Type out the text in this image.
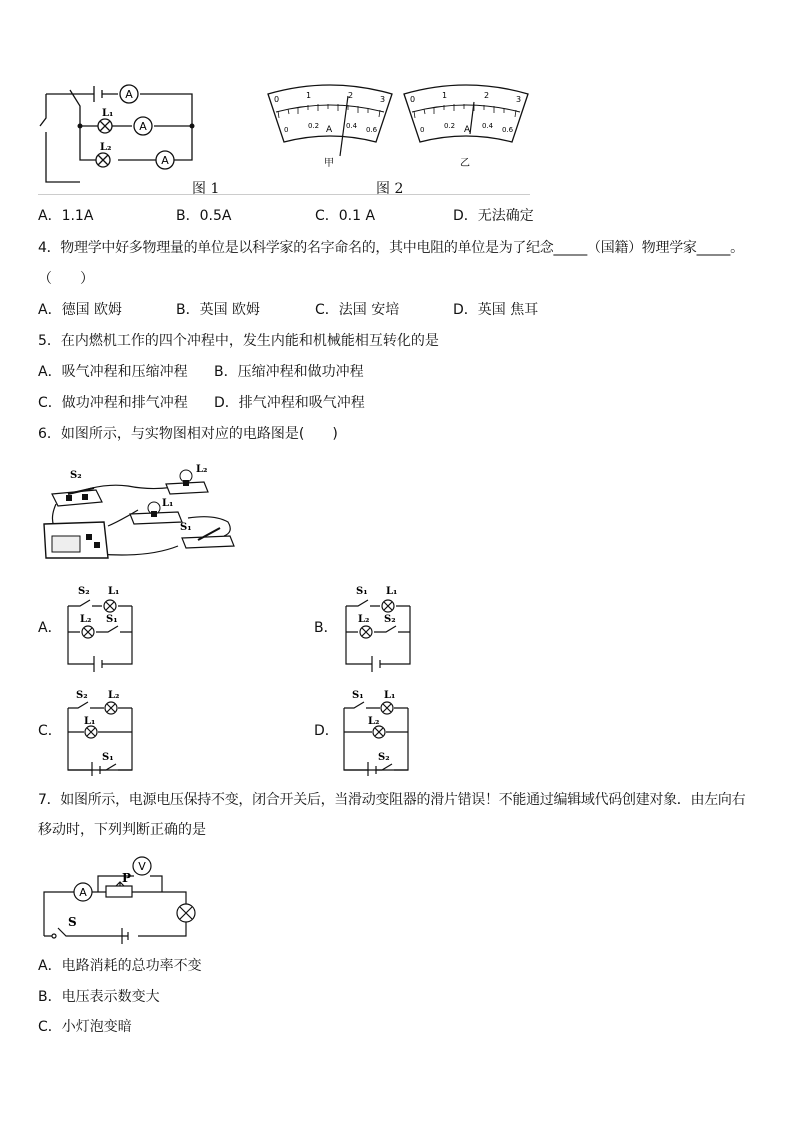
A
A
A
L₁
L₂
图 1	图 2
0	1	2	3
0	0.2	0.4 0.6
A
甲
0	1	2	3
0	0.2	0.4 0.6
A
乙
A．1.1A	B．0.5A	C．0.1 A	D．无法确定
4．物理学中好多物理量的单位是以科学家的名字命名的，其中电阻的单位是为了纪念_____（国籍）物理学家_____。
（　　）
A．德国 欧姆	B．英国 欧姆	C．法国 安培	D．英国 焦耳
5．在内燃机工作的四个冲程中，发生内能和机械能相互转化的是
A．吸气冲程和压缩冲程 B．压缩冲程和做功冲程
C．做功冲程和排气冲程 D．排气冲程和吸气冲程
6．如图所示，与实物图相对应的电路图是(　　)
S₂
L₂
L₁
S₁
A．
S₂ L₁
L₂ S₁
B．
S₁ L₁
L₂ S₂
C．
S₂ L₂
L₁
S₁
D．
S₁ L₁
L₂
S₂
7．如图所示，电源电压保持不变，闭合开关后，当滑动变阻器的滑片错误！不能通过编辑域代码创建对象．由左向右
移动时，下列判断正确的是
A
V
P
S
A．电路消耗的总功率不变
B．电压表示数变大
C．小灯泡变暗
